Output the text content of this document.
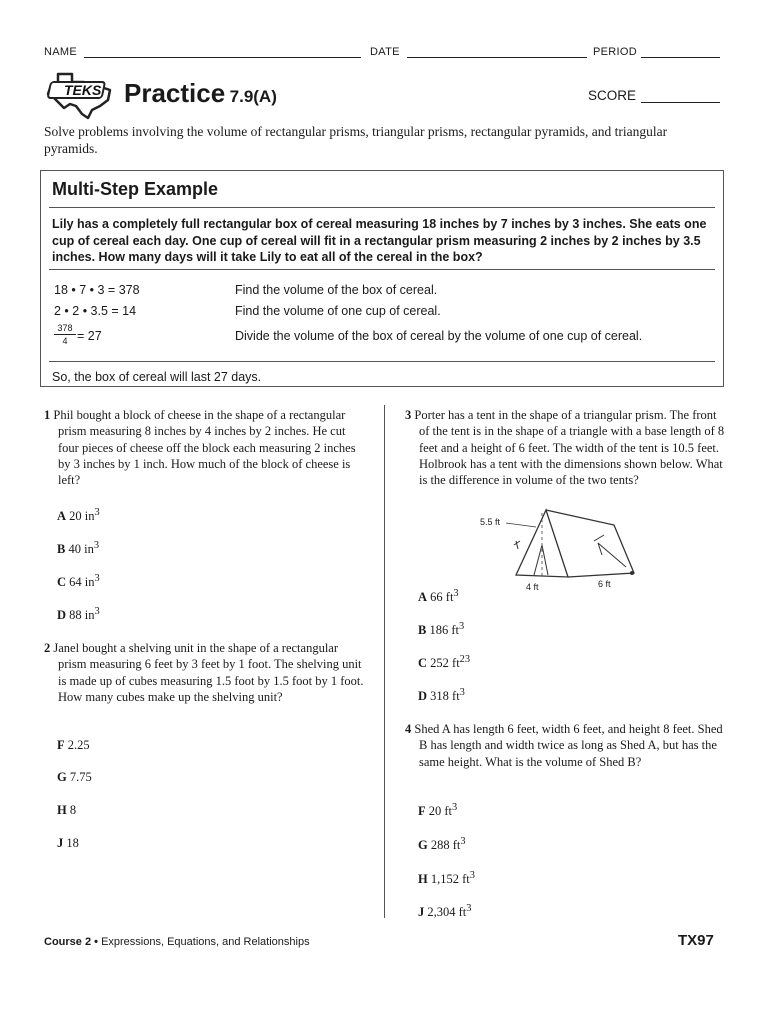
NAME	DATE	PERIOD
TEKS Practice 7.9(A)	SCORE
Solve problems involving the volume of rectangular prisms, triangular prisms, rectangular pyramids, and triangular pyramids.
Multi-Step Example
Lily has a completely full rectangular box of cereal measuring 18 inches by 7 inches by 3 inches. She eats one cup of cereal each day. One cup of cereal will fit in a rectangular prism measuring 2 inches by 2 inches by 3.5 inches. How many days will it take Lily to eat all of the cereal in the box?
18 • 7 • 3 = 378	Find the volume of the box of cereal.
2 • 2 • 3.5 = 14	Find the volume of one cup of cereal.
378
4 = 27	Divide the volume of the box of cereal by the volume of one cup of cereal.
So, the box of cereal will last 27 days.
1 Phil bought a block of cheese in the shape of a rectangular prism measuring 8 inches by 4 inches by 2 inches. He cut four pieces of cheese off the block each measuring 2 inches by 3 inches by 1 inch. How much of the block of cheese is left?
A 20 $in^3$
B 40 $in^3$
C 64 $in^3$
D 88 $in^3$
2 Janel bought a shelving unit in the shape of a rectangular prism measuring 6 feet by 3 feet by 1 foot. The shelving unit is made up of cubes measuring 1.5 foot by 1.5 foot by 1 foot. How many cubes make up the shelving unit?
F 2.25
G 7.75
H 8
J 18
3 Porter has a tent in the shape of a triangular prism. The front of the tent is in the shape of a triangle with a base length of 8 feet and a height of 6 feet. The width of the tent is 10.5 feet. Holbrook has a tent with the dimensions shown below. What is the difference in volume of the two tents?
5.5 ft
4 ft	6 ft
A 66 $ft^3$
B 186 $ft^3$
C 252 $ft^{23}$
D 318 $ft^3$
4 Shed A has length 6 feet, width 6 feet, and height 8 feet. Shed B has length and width twice as long as Shed A, but has the same height. What is the volume of Shed B?
F 20 $ft^3$
G 288 $ft^3$
H 1,152 $ft^3$
J 2,304 $ft^3$
Course 2 • Expressions, Equations, and Relationships	TX97
